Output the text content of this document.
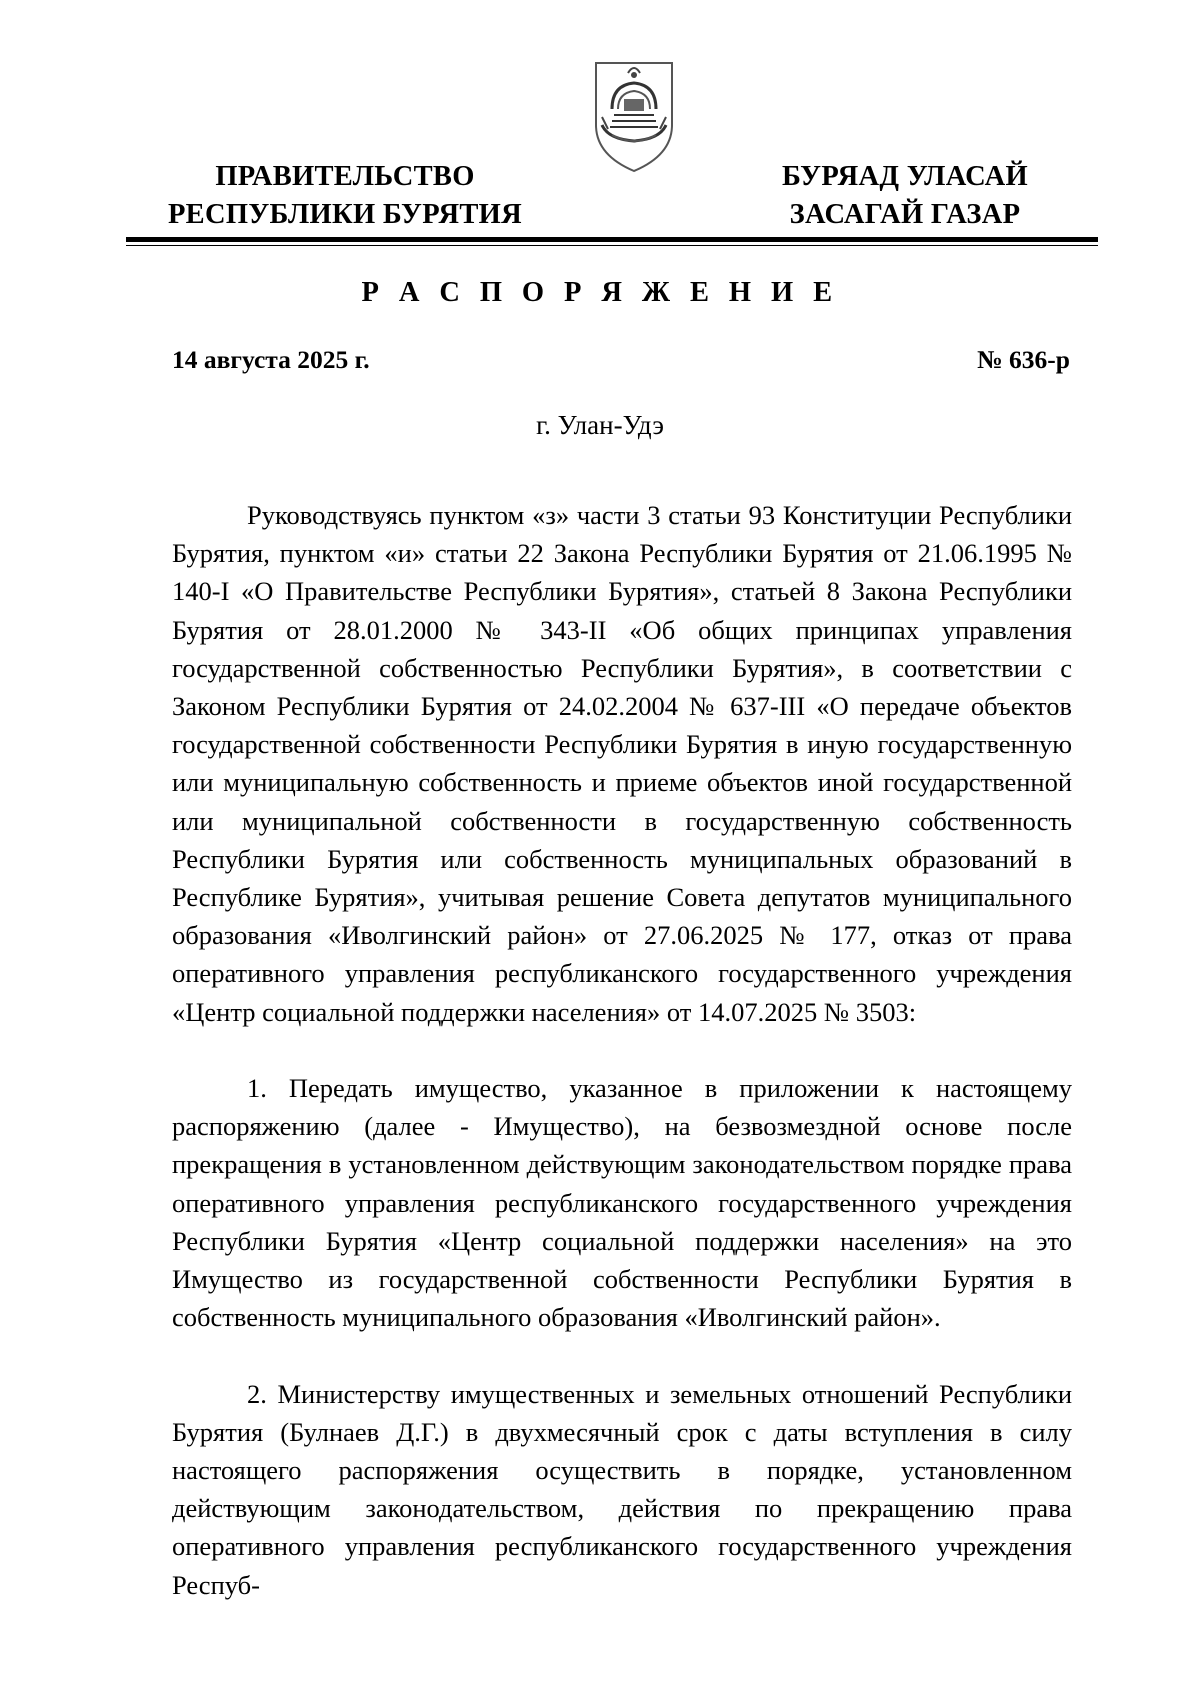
ПРАВИТЕЛЬСТВО
РЕСПУБЛИКИ БУРЯТИЯ
БУРЯАД УЛАСАЙ
ЗАСАГАЙ ГАЗАР
Р А С П О Р Я Ж Е Н И Е
14 августа 2025 г.	№ 636-р
г. Улан-Удэ

Руководствуясь пунктом «з» части 3 статьи 93 Конституции Республики Бурятия, пунктом «и» статьи 22 Закона Республики Бурятия от 21.06.1995 № 140-I «О Правительстве Республики Бурятия», статьей 8 Закона Республики Бурятия от 28.01.2000 № 343-II «Об общих принципах управления государственной собственностью Республики Бурятия», в соответствии с Законом Республики Бурятия от 24.02.2004 № 637-III «О передаче объектов государственной собственности Республики Бурятия в иную государственную или муниципальную собственность и приеме объектов иной государственной или муниципальной собственности в государственную собственность Республики Бурятия или собственность муниципальных образований в Республике Бурятия», учитывая решение Совета депутатов муниципального образования «Иволгинский район» от 27.06.2025 № 177, отказ от права оперативного управления республиканского государственного учреждения «Центр социальной поддержки населения» от 14.07.2025 № 3503:

1. Передать имущество, указанное в приложении к настоящему распоряжению (далее - Имущество), на безвозмездной основе после прекращения в установленном действующим законодательством порядке права оперативного управления республиканского государственного учреждения Республики Бурятия «Центр социальной поддержки населения» на это Имущество из государственной собственности Республики Бурятия в собственность муниципального образования «Иволгинский район».

2. Министерству имущественных и земельных отношений Республики Бурятия (Булнаев Д.Г.) в двухмесячный срок с даты вступления в силу настоящего распоряжения осуществить в порядке, установленном действующим законодательством, действия по прекращению права оперативного управления республиканского государственного учреждения Респуб-
